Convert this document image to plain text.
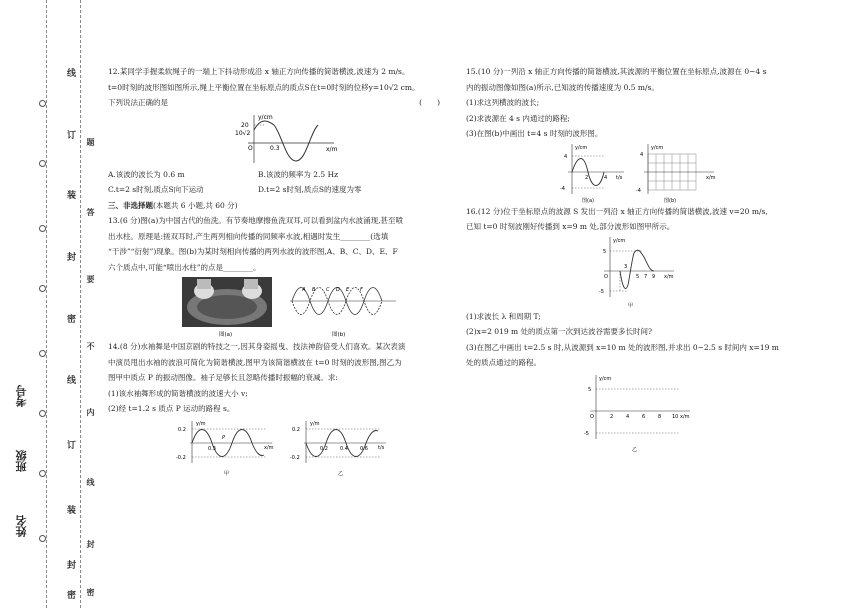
线
订
装
封
密
线
订
装
封
密
题
答
要
不
内
线
封
密
考号
班级
姓名

12.某同学手握柔软绳子的一端上下抖动形成沿 x 轴正方向传播的简谐横波,波速为 2 m/s。

t=0时刻的波形图如图所示,绳上平衡位置在坐标原点的质点S在t=0时刻的位移y=10√2 cm。

下列说法正确的是	(　　)

y/cm
x/m
20
10√2
O	0.3

A.该波的波长为 0.6 m	B.该波的频率为 2.5 Hz

C.t=2 s时刻,质点S向下运动	D.t=2 s时刻,质点S的速度为零

三、非选择题(本题共 6 小题,共 60 分)

13.(6 分)图(a)为中国古代的鱼洗。有节奏地摩擦鱼洗双耳,可以看到盆内水波涌现,甚至喷

出水柱。原理是:搓双耳时,产生两列相向传播的同频率水波,相遇时发生________(选填

“干涉”“衍射”)现象。图(b)为某时刻相向传播的两列水波的波形图,A、B、C、D、E、F

六个质点中,可能“喷出水柱”的点是________。

图(a)
A B C D E F
图(b)

14.(8 分)水袖舞是中国京剧的特技之一,因其身姿摇曳、技法神韵倍受人们喜欢。某次表演

中演员甩出水袖的波浪可简化为简谐横波,图甲为该简谐横波在 t=0 时刻的波形图,图乙为

图甲中质点 P 的振动图像。袖子足够长且忽略传播时振幅的衰减。求:

(1)该水袖舞形成的简谐横波的波速大小 v;

(2)经 t=1.2 s 质点 P 运动的路程 s。

y/m
x/m
0.2
-0.2
0.3
P
甲
y/m
t/s
0.2
-0.2
0.2 0.4 0.6
乙

15.(10 分)一列沿 x 轴正方向传播的简谐横波,其波源的平衡位置在坐标原点,波源在 0~4 s

内的振动图像如图(a)所示,已知波的传播速度为 0.5 m/s。

(1)求这列横波的波长;

(2)求波源在 4 s 内通过的路程;

(3)在图(b)中画出 t=4 s 时刻的波形图。

y/cm
t/s
4
-4
2	4
图(a)
y/cm
x/m
4
-4
图(b)

16.(12 分)位于坐标原点的波源 S 发出一列沿 x 轴正方向传播的简谐横波,波速 v=20 m/s,

已知 t=0 时刻波刚好传播到 x=9 m 处,部分波形如图甲所示。

y/cm
x/m
5
-5
O
3
5 7 9
甲

(1)求波长 λ 和周期 T;

(2)x=2 019 m 处的质点第一次到达波谷需要多长时间?

(3)在图乙中画出 t=2.5 s 时,从波源到 x=10 m 处的波形图,并求出 0~2.5 s 时间内 x=19 m

处的质点通过的路程。

y/cm
x/m
5
-5
O	2	4	6	8 10
乙
